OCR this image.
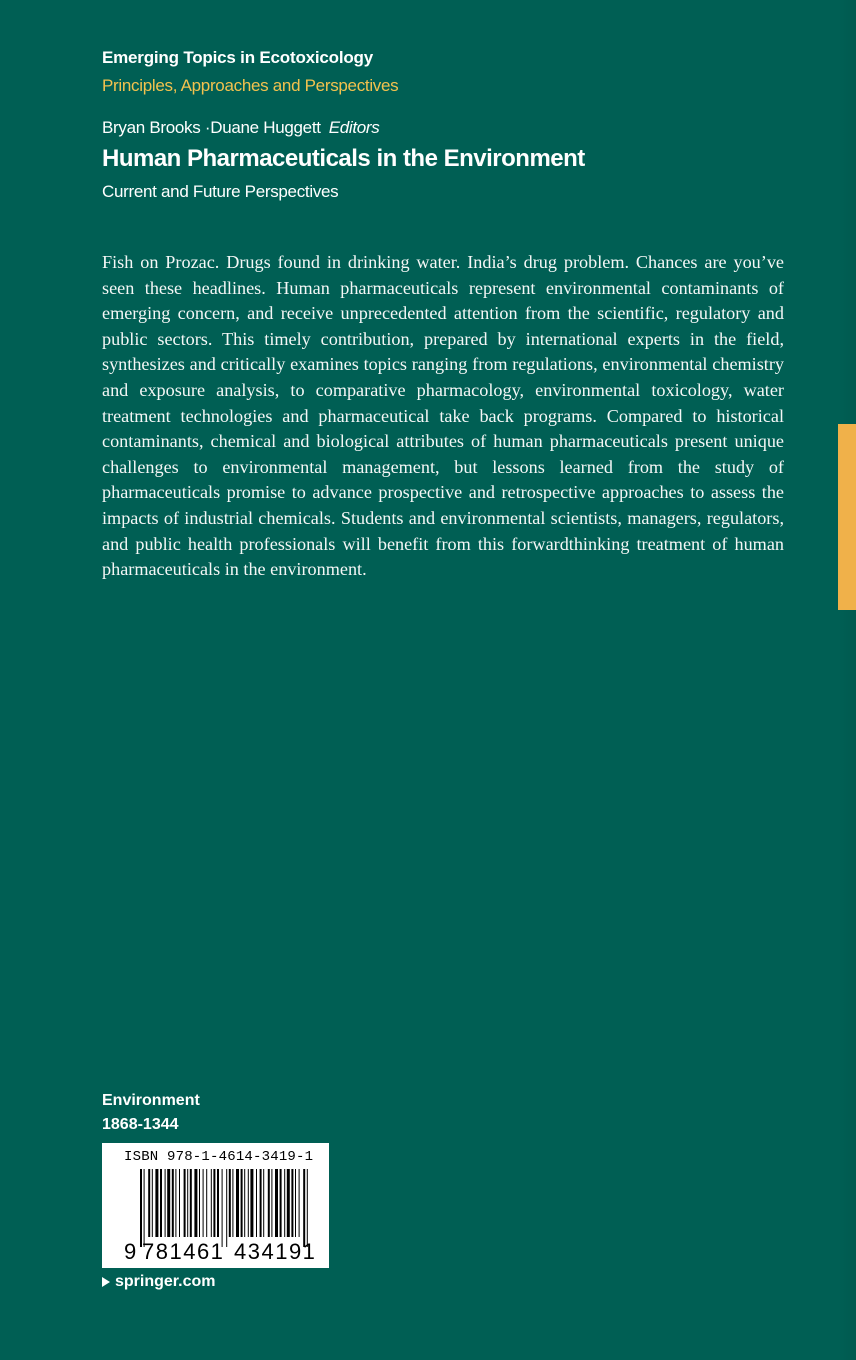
Emerging Topics in Ecotoxicology
Principles, Approaches and Perspectives
Bryan Brooks ·Duane Huggett Editors
Human Pharmaceuticals in the Environment
Current and Future Perspectives
Fish on Prozac. Drugs found in drinking water. India’s drug problem. Chances are you’ve seen these headlines. Human pharmaceuticals represent environmental contaminants of emerging concern, and receive unprecedented attention from the scientific, regulatory and public sectors. This timely contribution, prepared by international experts in the field, synthesizes and critically examines topics ranging from regulations, environmental chemistry and exposure analysis, to comparative pharmacology, environmental toxicology, water treatment technologies and pharmaceutical take back programs. Compared to historical contaminants, chemical and biological attributes of human pharmaceuticals present unique challenges to environmental management, but lessons learned from the study of pharmaceuticals promise to advance prospective and retrospective approaches to assess the impacts of industrial chemicals. Students and environmental scientists, managers, regulators, and public health professionals will benefit from this forwardthinking treatment of human pharmaceuticals in the environment.
Environment
1868-1344
ISBN 978-1-4614-3419-1
9 781461 434191
springer.com
